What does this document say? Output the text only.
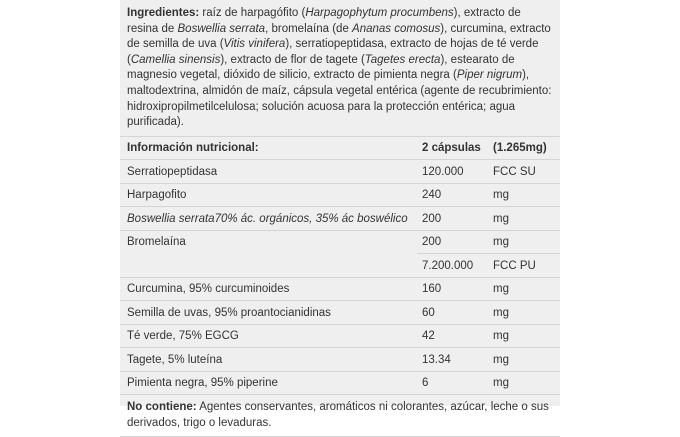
Ingredientes: raíz de harpagófito (Harpagophytum procumbens), extracto de resina de Boswellia serrata, bromelaína (de Ananas comosus), curcumina, extracto de semilla de uva (Vitis vinifera), serratiopeptidasa, extracto de hojas de té verde (Camellia sinensis), extracto de flor de tagete (Tagetes erecta), estearato de magnesio vegetal, dióxido de silicio, extracto de pimienta negra (Piper nigrum), maltodextrina, almidón de maíz, cápsula vegetal entérica (agente de recubrimiento: hidroxipropilmetilcelulosa; solución acuosa para la protección entérica; agua purificada).
Información nutricional:	2 cápsulas	(1.265mg)
Serratiopeptidasa	120.000	FCC SU
Harpagofito	240	mg
Boswellia serrata70% ác. orgánicos, 35% ác boswélico	200	mg
Bromelaína	200	mg
	7.200.000	FCC PU
Curcumina, 95% curcuminoides	160	mg
Semilla de uvas, 95% proantocianidinas	60	mg
Té verde, 75% EGCG	42	mg
Tagete, 5% luteína	13.34	mg
Pimienta negra, 95% piperine	6	mg
No contiene: Agentes conservantes, aromáticos ni colorantes, azúcar, leche o sus derivados, trigo o levaduras.
